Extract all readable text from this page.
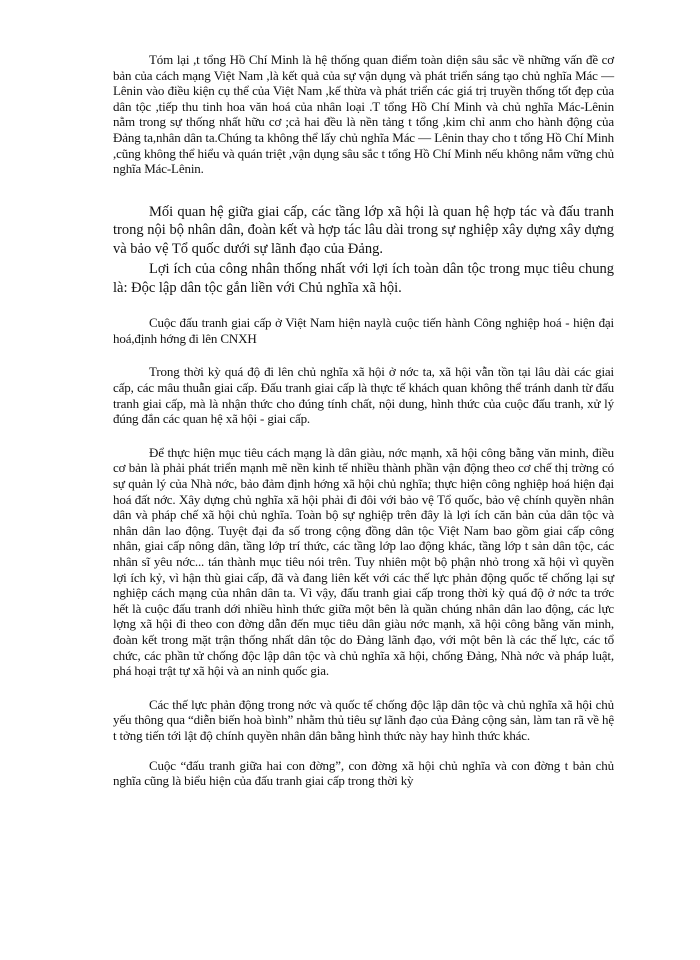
Tóm lại ,t tổng Hồ Chí Minh là hệ thống quan điểm toàn diện sâu sắc về những vấn đề cơ bản của cách mạng Việt Nam ,là kết quả của sự vận dụng và phát triển sáng tạo chủ nghĩa Mác — Lênin vào điều kiện cụ thể của Việt Nam ,kế thừa và phát triển các giá trị truyền thống tốt đẹp của dân tộc ,tiếp thu tinh hoa văn hoá của nhân loại .T tổng Hồ Chí Minh và chủ nghĩa Mác-Lênin nằm trong sự thống nhất hữu cơ ;cả hai đều là nền tảng t tổng ,kim chỉ anm cho hành động của Đảng ta,nhân dân ta.Chúng ta không thể lấy chủ nghĩa Mác — Lênin thay cho t tổng Hồ Chí Minh ,cũng không thể hiểu và quán triệt ,vận dụng sâu sắc t tổng Hồ Chí Minh nếu không nắm vững chủ nghĩa Mác-Lênin.

Mối quan hệ giữa giai cấp, các tầng lớp xã hội là quan hệ hợp tác và đấu tranh trong nội bộ nhân dân, đoàn kết và hợp tác lâu dài trong sự nghiệp xây dựng xây dựng và bảo vệ Tổ quốc dưới sự lãnh đạo của Đảng.

Lợi ích của công nhân thống nhất với lợi ích toàn dân tộc trong mục tiêu chung là: Độc lập dân tộc gắn liền với Chủ nghĩa xã hội.

Cuộc đấu tranh giai cấp ở Việt Nam hiện naylà cuộc tiến hành Công nghiệp hoá - hiện đại hoá,định hớng đi lên CNXH

Trong thời kỳ quá độ đi lên chủ nghĩa xã hội ở nớc ta, xã hội vẫn tồn tại lâu dài các giai cấp, các mâu thuẫn giai cấp. Đấu tranh giai cấp là thực tế khách quan không thể tránh danh từ đấu tranh giai cấp, mà là nhận thức cho đúng tính chất, nội dung, hình thức của cuộc đấu tranh, xử lý đúng đắn các quan hệ xã hội - giai cấp.

Để thực hiện mục tiêu cách mạng là dân giàu, nớc mạnh, xã hội công bằng văn minh, điều cơ bản là phải phát triển mạnh mẽ nền kinh tế nhiều thành phần vận động theo cơ chế thị trờng có sự quản lý của Nhà nớc, bảo đảm định hớng xã hội chủ nghĩa; thực hiện công nghiệp hoá hiện đại hoá đất nớc. Xây dựng chủ nghĩa xã hội phải đi đôi với bảo vệ Tổ quốc, bảo vệ chính quyền nhân dân và pháp chế xã hội chủ nghĩa. Toàn bộ sự nghiệp trên đây là lợi ích căn bản của dân tộc và nhân dân lao động. Tuyệt đại đa số trong cộng đồng dân tộc Việt Nam bao gồm giai cấp công nhân, giai cấp nông dân, tầng lớp trí thức, các tầng lớp lao động khác, tầng lớp t sản dân tộc, các nhân sĩ yêu nớc... tán thành mục tiêu nói trên. Tuy nhiên một bộ phận nhỏ trong xã hội vì quyền lợi ích kỷ, vì hận thù giai cấp, đã và đang liên kết với các thế lực phản động quốc tế chống lại sự nghiệp cách mạng của nhân dân ta. Vì vậy, đấu tranh giai cấp trong thời kỳ quá độ ở nớc ta trớc hết là cuộc đấu tranh dới nhiều hình thức giữa một bên là quần chúng nhân dân lao động, các lực lợng xã hội đi theo con đờng dẫn đến mục tiêu dân giàu nớc mạnh, xã hội công bằng văn minh, đoàn kết trong mặt trận thống nhất dân tộc do Đảng lãnh đạo, với một bên là các thế lực, các tổ chức, các phần tử chống độc lập dân tộc và chủ nghĩa xã hội, chống Đảng, Nhà nớc và pháp luật, phá hoại trật tự xã hội và an ninh quốc gia.

Các thế lực phản động trong nớc và quốc tế chống độc lập dân tộc và chủ nghĩa xã hội chủ yếu thông qua “diễn biến hoà bình” nhằm thủ tiêu sự lãnh đạo của Đảng cộng sản, làm tan rã về hệ t tởng tiến tới lật độ chính quyền nhân dân bằng hình thức này hay hình thức khác.

Cuộc “đấu tranh giữa hai con đờng”, con đờng xã hội chủ nghĩa và con đờng t bản chủ nghĩa cũng là biểu hiện của đấu tranh giai cấp trong thời kỳ
